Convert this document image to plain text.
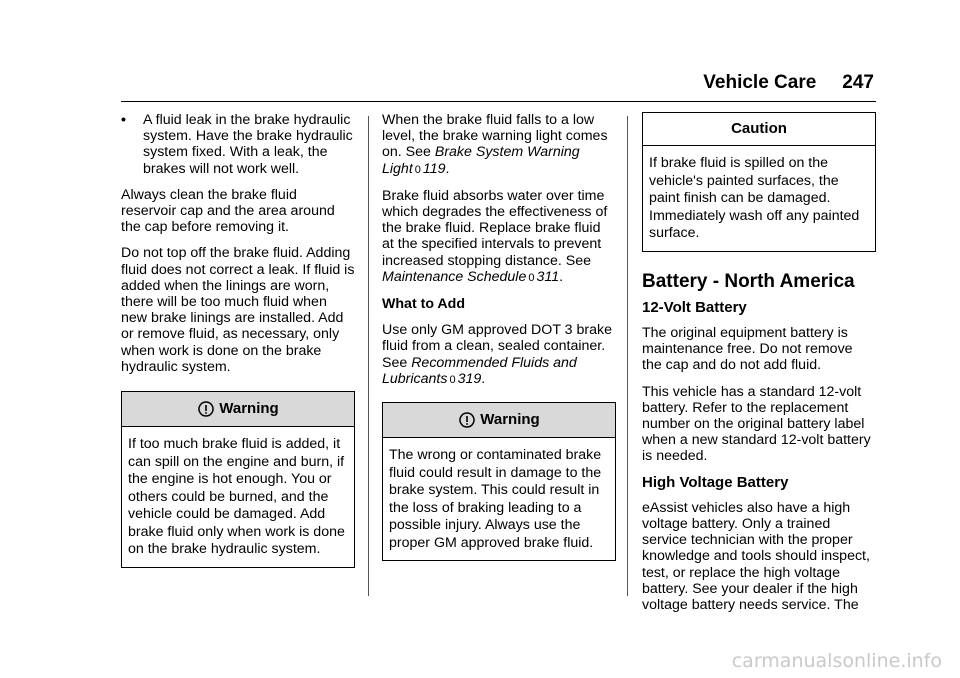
Vehicle Care 247
•	A fluid leak in the brake hydraulic system. Have the brake hydraulic system fixed. With a leak, the brakes will not work well.

Always clean the brake fluid reservoir cap and the area around the cap before removing it.

Do not top off the brake fluid. Adding fluid does not correct a leak. If fluid is added when the linings are worn, there will be too much fluid when new brake linings are installed. Add or remove fluid, as necessary, only when work is done on the brake hydraulic system.

Warning
If too much brake fluid is added, it can spill on the engine and burn, if the engine is hot enough. You or others could be burned, and the vehicle could be damaged. Add brake fluid only when work is done on the brake hydraulic system.

When the brake fluid falls to a low level, the brake warning light comes on. See Brake System Warning Light 0 119.

Brake fluid absorbs water over time which degrades the effectiveness of the brake fluid. Replace brake fluid at the specified intervals to prevent increased stopping distance. See Maintenance Schedule 0 311.

What to Add

Use only GM approved DOT 3 brake fluid from a clean, sealed container. See Recommended Fluids and Lubricants 0 319.

Warning
The wrong or contaminated brake fluid could result in damage to the brake system. This could result in the loss of braking leading to a possible injury. Always use the proper GM approved brake fluid.
Caution
If brake fluid is spilled on the vehicle's painted surfaces, the paint finish can be damaged. Immediately wash off any painted surface.
Battery - North America
12-Volt Battery

The original equipment battery is maintenance free. Do not remove the cap and do not add fluid.

This vehicle has a standard 12-volt battery. Refer to the replacement number on the original battery label when a new standard 12-volt battery is needed.

High Voltage Battery

eAssist vehicles also have a high voltage battery. Only a trained service technician with the proper knowledge and tools should inspect, test, or replace the high voltage battery. See your dealer if the high voltage battery needs service. The

carmanualsonline.info
